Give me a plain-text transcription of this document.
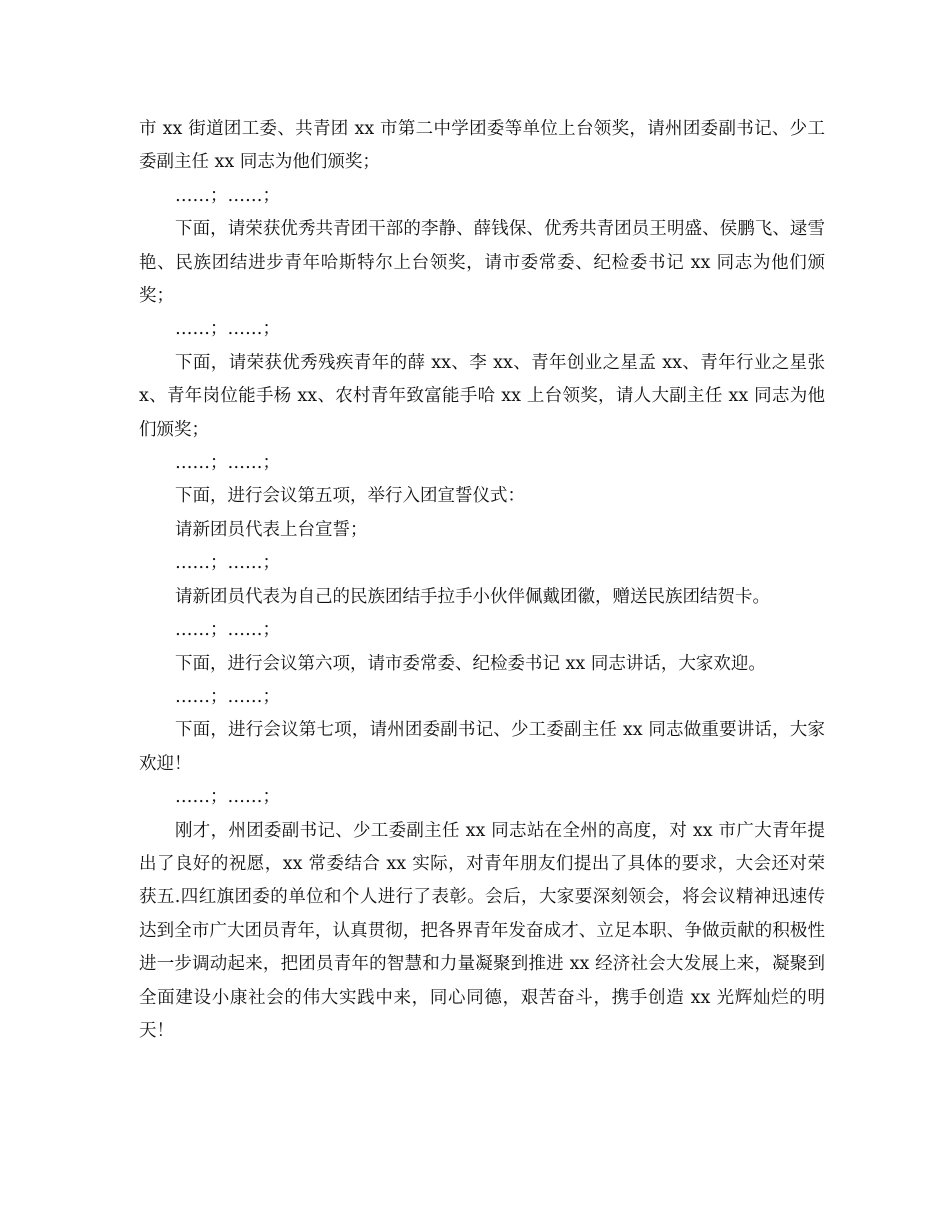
市 xx 街道团工委、共青团 xx 市第二中学团委等单位上台领奖，请州团委副书记、少工委副主任 xx 同志为他们颁奖；

……；……；

下面，请荣获优秀共青团干部的李静、薛钱保、优秀共青团员王明盛、侯鹏飞、逯雪艳、民族团结进步青年哈斯特尔上台领奖，请市委常委、纪检委书记 xx 同志为他们颁奖；

……；……；

下面，请荣获优秀残疾青年的薛 xx、李 xx、青年创业之星孟 xx、青年行业之星张 x、青年岗位能手杨 xx、农村青年致富能手哈 xx 上台领奖，请人大副主任 xx 同志为他们颁奖；

……；……；

下面，进行会议第五项，举行入团宣誓仪式：

请新团员代表上台宣誓；

……；……；

请新团员代表为自己的民族团结手拉手小伙伴佩戴团徽，赠送民族团结贺卡。

……；……；

下面，进行会议第六项，请市委常委、纪检委书记 xx 同志讲话，大家欢迎。

……；……；

下面，进行会议第七项，请州团委副书记、少工委副主任 xx 同志做重要讲话，大家欢迎！

……；……；

刚才，州团委副书记、少工委副主任 xx 同志站在全州的高度，对 xx 市广大青年提出了良好的祝愿，xx 常委结合 xx 实际，对青年朋友们提出了具体的要求，大会还对荣获五.四红旗团委的单位和个人进行了表彰。会后，大家要深刻领会，将会议精神迅速传达到全市广大团员青年，认真贯彻，把各界青年发奋成才、立足本职、争做贡献的积极性进一步调动起来，把团员青年的智慧和力量凝聚到推进 xx 经济社会大发展上来，凝聚到全面建设小康社会的伟大实践中来，同心同德，艰苦奋斗，携手创造 xx 光辉灿烂的明天！
